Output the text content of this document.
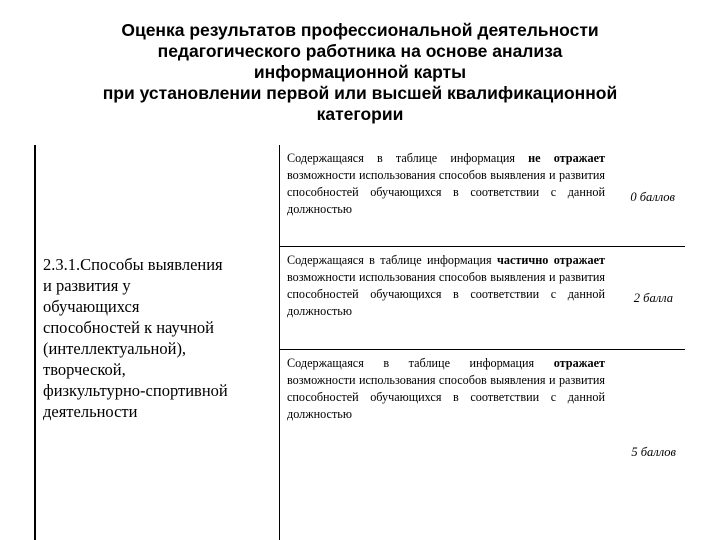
Оценка результатов профессиональной деятельности
педагогического работника на основе анализа
информационной карты
при установлении первой или высшей квалификационной
категории
2.3.1.Способы выявления
и развития у
обучающихся
способностей к научной
(интеллектуальной),
творческой,
физкультурно-спортивной
деятельности
Содержащаяся в таблице информация не отражает возможности использования способов выявления и развития способностей обучающихся в соответствии с данной должностью
0 баллов
Содержащаяся в таблице информация частично отражает возможности использования способов выявления и развития способностей обучающихся в соответствии с данной должностью
2 балла
Содержащаяся в таблице информация отражает возможности использования способов выявления и развития способностей обучающихся в соответствии с данной должностью
5 баллов
